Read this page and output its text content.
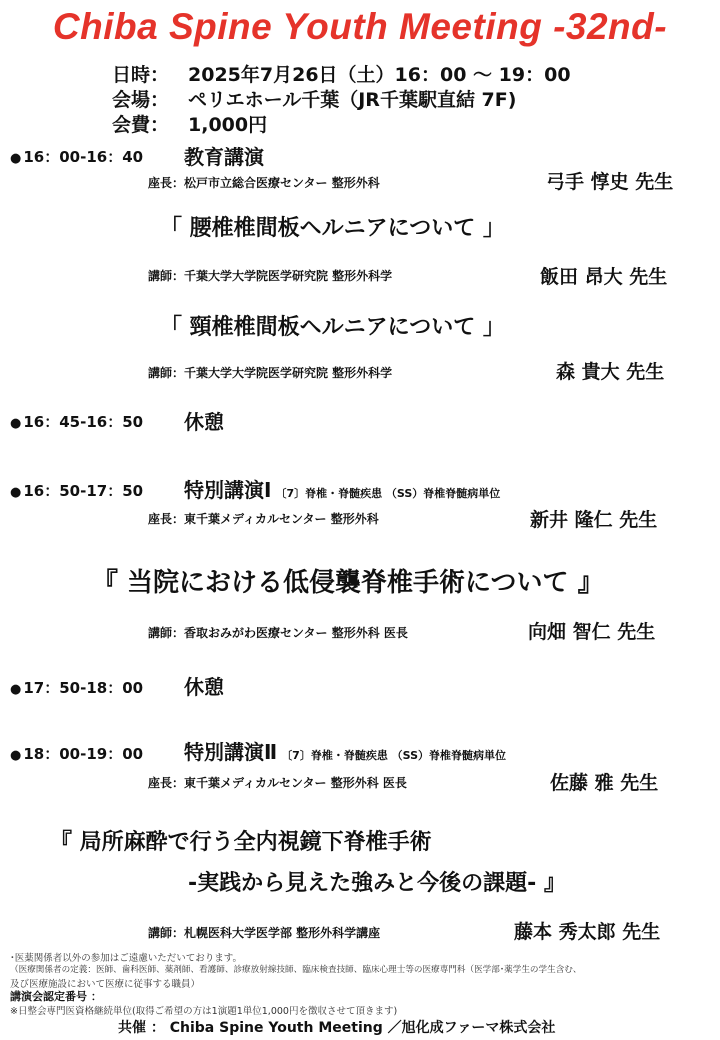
Chiba Spine Youth Meeting -32nd-
日時： 2025年7月26日（土）16：00 ～ 19：00
会場： ペリエホール千葉（JR千葉駅直結 7F)
会費： 1,000円
● 16：00-16：40 教育講演
座長：松戸市立総合医療センター 整形外科	弓手 惇史 先生
「 腰椎椎間板ヘルニアについて 」
講師：千葉大学大学院医学研究院 整形外科学	飯田 昂大 先生
「 頸椎椎間板ヘルニアについて 」
講師：千葉大学大学院医学研究院 整形外科学	森 貴大 先生
● 16：45-16：50 休憩
● 16：50-17：50 特別講演Ⅰ 〔7〕脊椎・脊髄疾患 （SS）脊椎脊髄病単位
座長：東千葉メディカルセンター 整形外科	新井 隆仁 先生
『 当院における低侵襲脊椎手術について 』
講師：香取おみがわ医療センター 整形外科 医長	向畑 智仁 先生
● 17：50-18：00 休憩
● 18：00-19：00 特別講演Ⅱ 〔7〕脊椎・脊髄疾患 （SS）脊椎脊髄病単位
座長：東千葉メディカルセンター 整形外科 医長	佐藤 雅 先生
『 局所麻酔で行う全内視鏡下脊椎手術
-実践から見えた強みと今後の課題- 』
講師：札幌医科大学医学部 整形外科学講座	藤本 秀太郎 先生
･医薬関係者以外の参加はご遠慮いただいております。
（医療関係者の定義：医師、歯科医師、薬剤師、看護師、診療放射線技師、臨床検査技師、臨床心理士等の医療専門科（医学部･薬学生の学生含む、
及び医療施設において医療に従事する職員）
講演会認定番号 ：
※日整会専門医資格継続単位(取得ご希望の方は1演題1単位1,000円を徴収させて頂きます)
共催 ： Chiba Spine Youth Meeting ／旭化成ファーマ株式会社
